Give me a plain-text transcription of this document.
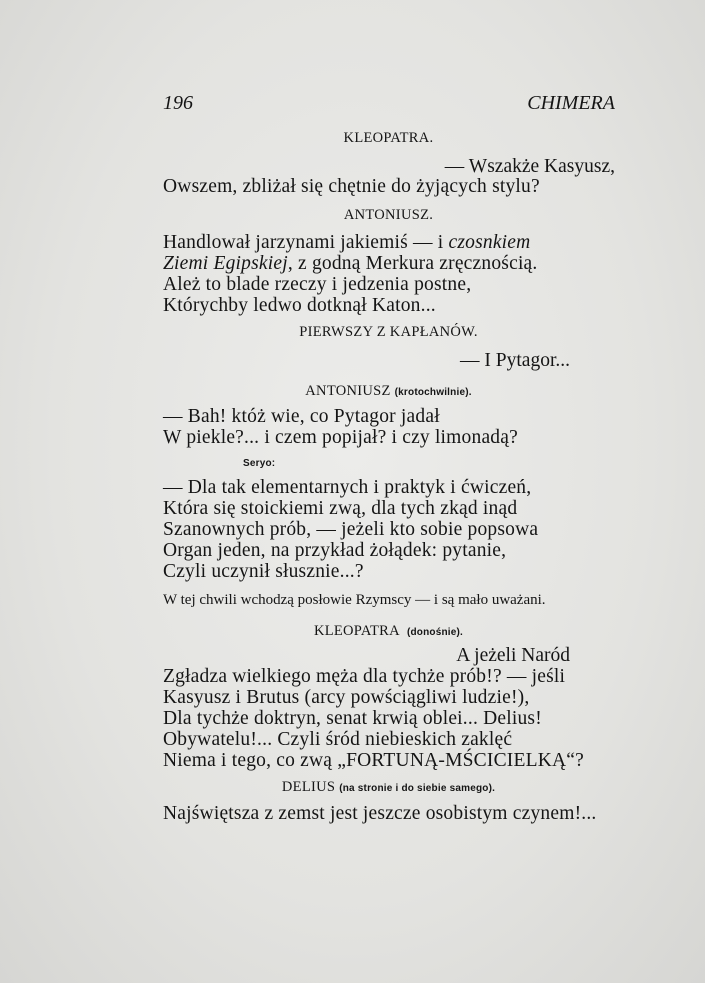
196	CHIMERA
KLEOPATRA.
— Wszakże Kasyusz,
Owszem, zbliżał się chętnie do żyjących stylu?
ANTONIUSZ.
Handlował jarzynami jakiemiś — i czosnkiem
Ziemi Egipskiej, z godną Merkura zręcznością.
Ależ to blade rzeczy i jedzenia postne,
Którychby ledwo dotknął Katon...
PIERWSZY Z KAPŁANÓW.
— I Pytagor...
ANTONIUSZ (krotochwilnie).
— Bah! któż wie, co Pytagor jadał
W piekle?... i czem popijał? i czy limonadą?
Seryo:
— Dla tak elementarnych i praktyk i ćwiczeń,
Która się stoickiemi zwą, dla tych zkąd inąd
Szanownych prób, — jeżeli kto sobie popsowa
Organ jeden, na przykład żołądek: pytanie,
Czyli uczynił słusznie...?
W tej chwili wchodzą posłowie Rzymscy — i są mało uważani.
KLEOPATRA (donośnie).
A jeżeli Naród
Zgładza wielkiego męża dla tychże prób!? — jeśli
Kasyusz i Brutus (arcy powściągliwi ludzie!),
Dla tychże doktryn, senat krwią oblei... Delius!
Obywatelu!... Czyli śród niebieskich zaklęć
Niema i tego, co zwą „FORTUNĄ-MŚCICIELKĄ“?
DELIUS (na stronie i do siebie samego).
Najświętsza z zemst jest jeszcze osobistym czynem!...
